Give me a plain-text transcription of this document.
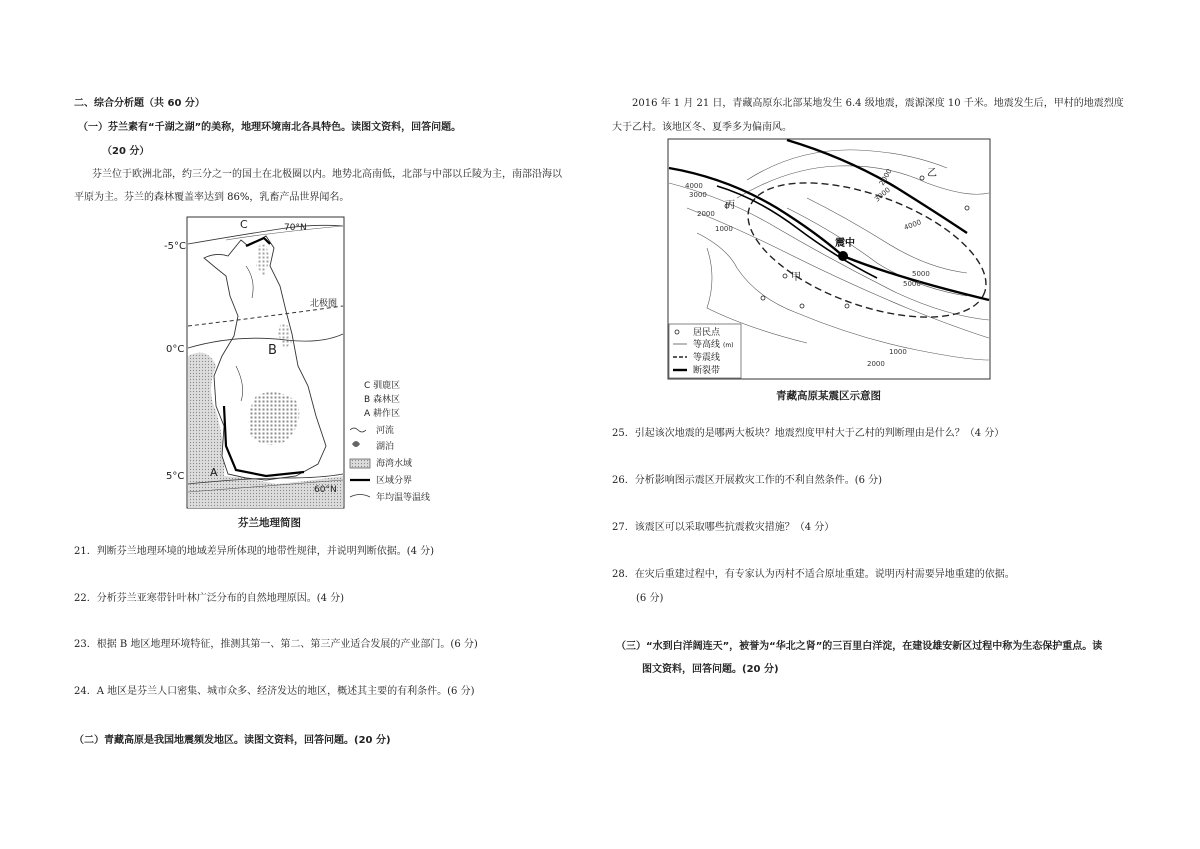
二、综合分析题（共 60 分）
（一）芬兰素有“千湖之湖”的美称，地理环境南北各具特色。读图文资料，回答问题。
（20 分）
芬兰位于欧洲北部，约三分之一的国土在北极圈以内。地势北高南低，北部与中部以丘陵为主，南部沿海以
平原为主。芬兰的森林覆盖率达到 86%，乳畜产品世界闻名。
C
B
A
70°N
60°N
北极圈
C 驯鹿区
B 森林区
A 耕作区
河流
湖泊
海湾水域
区域分界
年均温等温线
-5°C
0°C
5°C
芬兰地理简图
21．判断芬兰地理环境的地域差异所体现的地带性规律，并说明判断依据。(4 分)
22．分析芬兰亚寒带针叶林广泛分布的自然地理原因。(4 分)
23．根据 B 地区地理环境特征，推测其第一、第二、第三产业适合发展的产业部门。(6 分)
24．A 地区是芬兰人口密集、城市众多、经济发达的地区，概述其主要的有利条件。(6 分)
（二）青藏高原是我国地震频发地区。读图文资料，回答问题。(20 分)
2016 年 1 月 21 日，青藏高原东北部某地发生 6.4 级地震，震源深度 10 千米。地震发生后，甲村的地震烈度
大于乙村。该地区冬、夏季多为偏南风。
震中
甲
乙
丙
4000
3000
2000
1000
2000
3000
4000
5000
5000
1000
2000
居民点
等高线 (m)
等震线
断裂带
青藏高原某震区示意图
25．引起该次地震的是哪两大板块？地震烈度甲村大于乙村的判断理由是什么？（4 分）
26．分析影响图示震区开展救灾工作的不利自然条件。(6 分)
27．该震区可以采取哪些抗震救灾措施？（4 分）
28．在灾后重建过程中，有专家认为丙村不适合原址重建。说明丙村需要异地重建的依据。
(6 分)
（三）“水到白洋阔连天”，被誉为“华北之肾”的三百里白洋淀，在建设雄安新区过程中称为生态保护重点。读
图文资料，回答问题。(20 分)
